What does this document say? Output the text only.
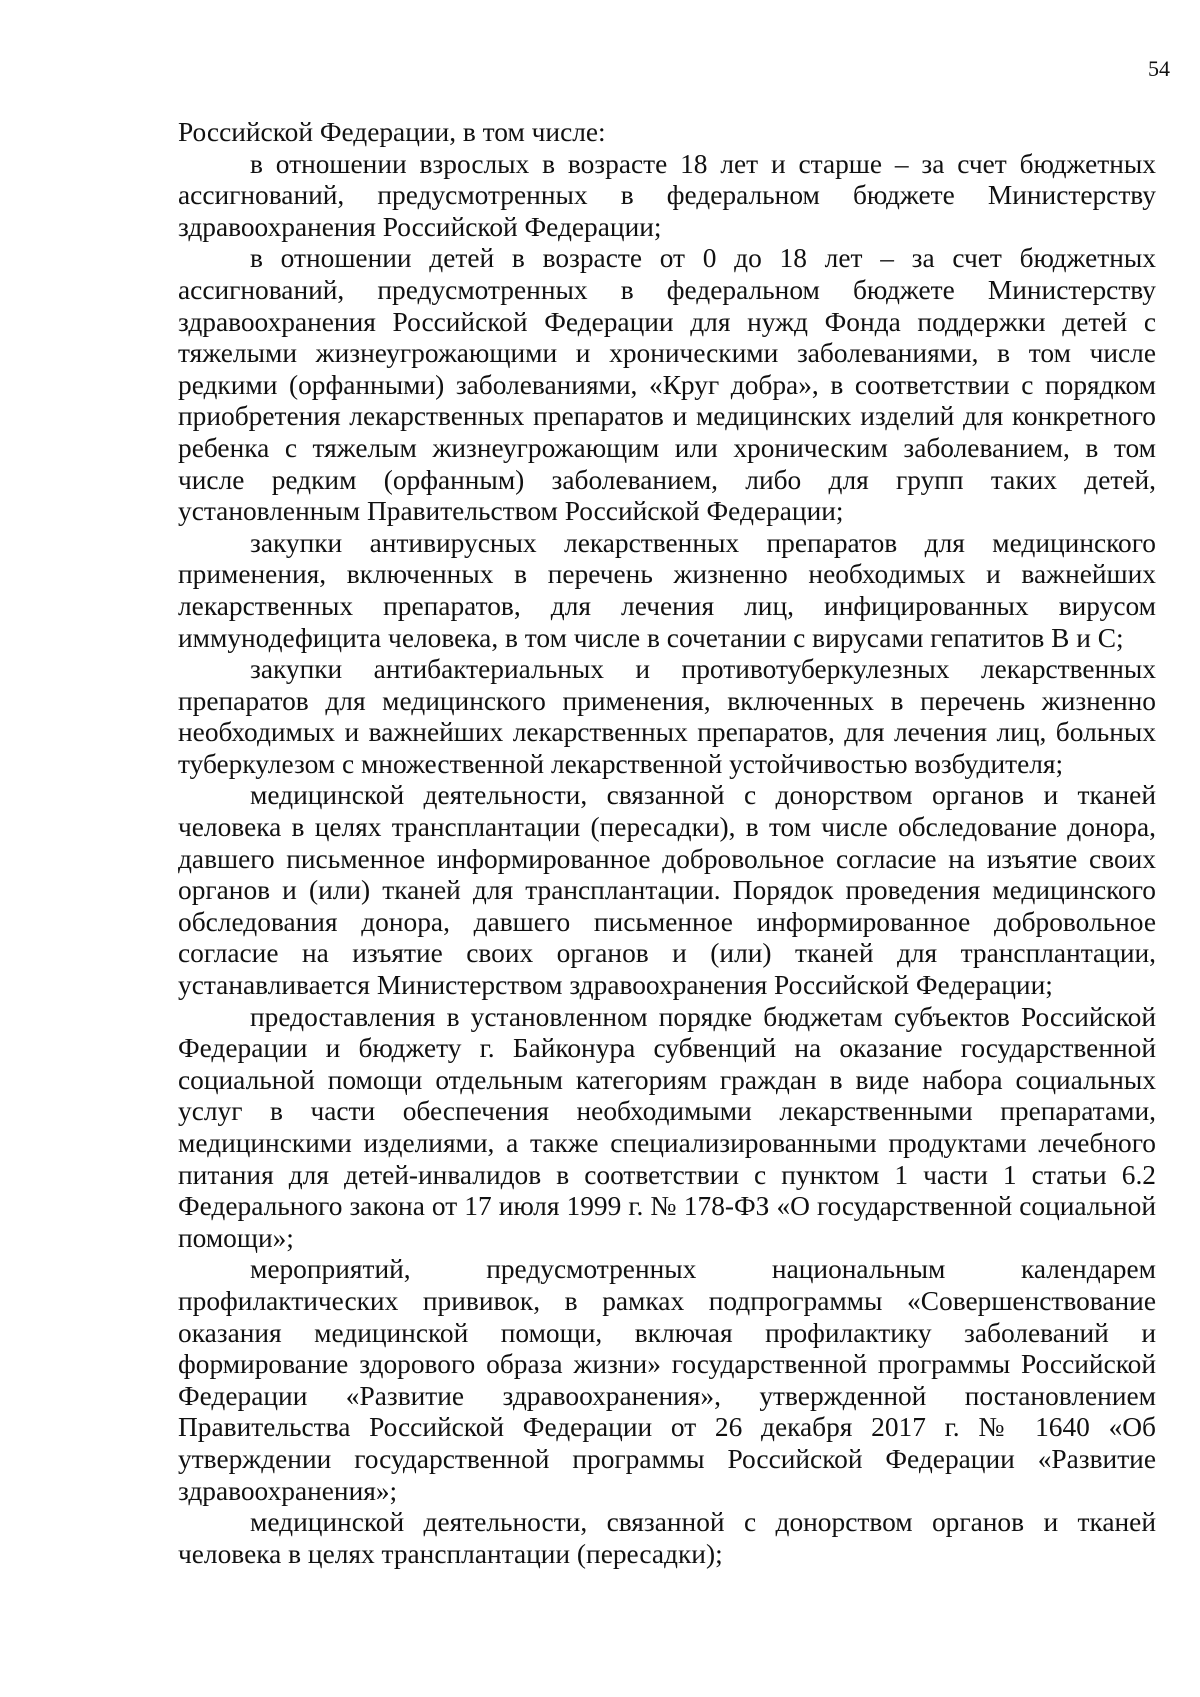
54

Российской Федерации, в том числе:

в отношении взрослых в возрасте 18 лет и старше – за счет бюджетных ассигнований, предусмотренных в федеральном бюджете Министерству здравоохранения Российской Федерации;

в отношении детей в возрасте от 0 до 18 лет – за счет бюджетных ассигнований, предусмотренных в федеральном бюджете Министерству здравоохранения Российской Федерации для нужд Фонда поддержки детей с тяжелыми жизнеугрожающими и хроническими заболеваниями, в том числе редкими (орфанными) заболеваниями, «Круг добра», в соответствии с порядком приобретения лекарственных препаратов и медицинских изделий для конкретного ребенка с тяжелым жизнеугрожающим или хроническим заболеванием, в том числе редким (орфанным) заболеванием, либо для групп таких детей, установленным Правительством Российской Федерации;

закупки антивирусных лекарственных препаратов для медицинского применения, включенных в перечень жизненно необходимых и важнейших лекарственных препаратов, для лечения лиц, инфицированных вирусом иммунодефицита человека, в том числе в сочетании с вирусами гепатитов B и C;

закупки антибактериальных и противотуберкулезных лекарственных препаратов для медицинского применения, включенных в перечень жизненно необходимых и важнейших лекарственных препаратов, для лечения лиц, больных туберкулезом с множественной лекарственной устойчивостью возбудителя;

медицинской деятельности, связанной с донорством органов и тканей человека в целях трансплантации (пересадки), в том числе обследование донора, давшего письменное информированное добровольное согласие на изъятие своих органов и (или) тканей для трансплантации. Порядок проведения медицинского обследования донора, давшего письменное информированное добровольное согласие на изъятие своих органов и (или) тканей для трансплантации, устанавливается Министерством здравоохранения Российской Федерации;

предоставления в установленном порядке бюджетам субъектов Российской Федерации и бюджету г. Байконура субвенций на оказание государственной социальной помощи отдельным категориям граждан в виде набора социальных услуг в части обеспечения необходимыми лекарственными препаратами, медицинскими изделиями, а также специализированными продуктами лечебного питания для детей-инвалидов в соответствии с пунктом 1 части 1 статьи 6.2 Федерального закона от 17 июля 1999 г. № 178-ФЗ «О государственной социальной помощи»;

мероприятий, предусмотренных национальным календарем профилактических прививок, в рамках подпрограммы «Совершенствование оказания медицинской помощи, включая профилактику заболеваний и формирование здорового образа жизни» государственной программы Российской Федерации «Развитие здравоохранения», утвержденной постановлением Правительства Российской Федерации от 26 декабря 2017 г. № 1640 «Об утверждении государственной программы Российской Федерации «Развитие здравоохранения»;

медицинской деятельности, связанной с донорством органов и тканей человека в целях трансплантации (пересадки);
